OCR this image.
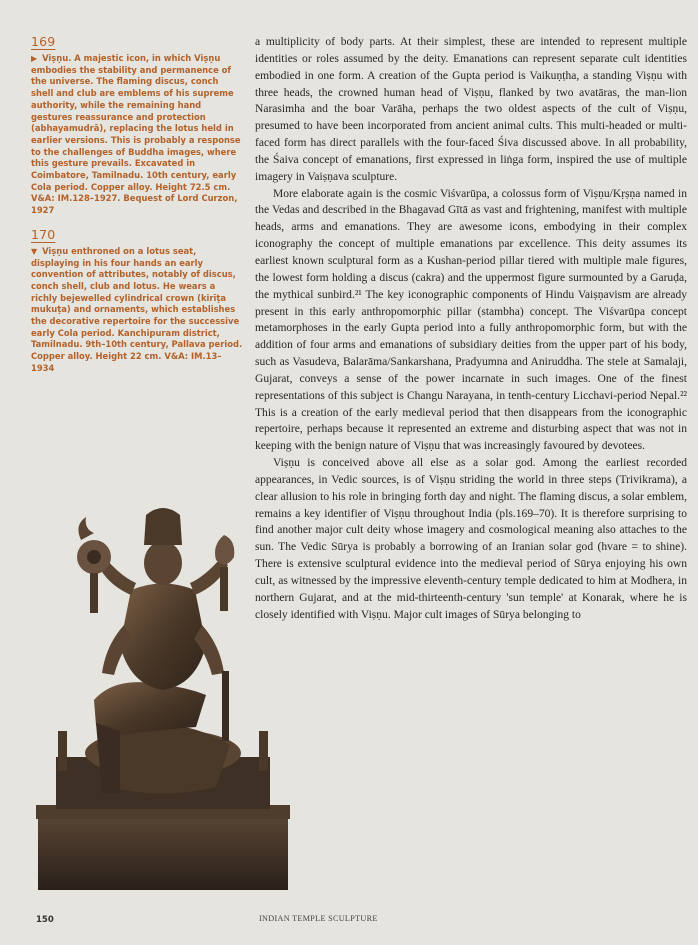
169

▶ Viṣṇu. A majestic icon, in which Viṣṇu embodies the stability and permanence of the universe. The flaming discus, conch shell and club are emblems of his supreme authority, while the remaining hand gestures reassurance and protection (abhayamudrā), replacing the lotus held in earlier versions. This is probably a response to the challenges of Buddha images, where this gesture prevails. Excavated in Coimbatore, Tamilnadu. 10th century, early Cola period. Copper alloy. Height 72.5 cm. V&A: IM.128–1927. Bequest of Lord Curzon, 1927

170

▼ Viṣṇu enthroned on a lotus seat, displaying in his four hands an early convention of attributes, notably of discus, conch shell, club and lotus. He wears a richly bejewelled cylindrical crown (kirīṭa mukuṭa) and ornaments, which establishes the decorative repertoire for the successive early Cola period. Kanchipuram district, Tamilnadu. 9th–10th century, Pallava period. Copper alloy. Height 22 cm. V&A: IM.13–1934

a multiplicity of body parts. At their simplest, these are intended to represent multiple identities or roles assumed by the deity. Emanations can represent separate cult identities embodied in one form. A creation of the Gupta period is Vaikuṇṭha, a standing Viṣṇu with three heads, the crowned human head of Viṣṇu, flanked by two avatāras, the man-lion Narasimha and the boar Varāha, perhaps the two oldest aspects of the cult of Viṣṇu, presumed to have been incorporated from ancient animal cults. This multi-headed or multi-faced form has direct parallels with the four-faced Śiva discussed above. In all probability, the Śaiva concept of emanations, first expressed in liṅga form, inspired the use of multiple imagery in Vaiṣṇava sculpture.

More elaborate again is the cosmic Viśvarūpa, a colossus form of Viṣṇu/Kṛṣṇa named in the Vedas and described in the Bhagavad Gītā as vast and frightening, manifest with multiple heads, arms and emanations. They are awesome icons, embodying in their complex iconography the concept of multiple emanations par excellence. This deity assumes its earliest known sculptural form as a Kushan-period pillar tiered with multiple male figures, the lowest form holding a discus (cakra) and the uppermost figure surmounted by a Garuḍa, the mythical sunbird.²¹ The key iconographic components of Hindu Vaiṣṇavism are already present in this early anthropomorphic pillar (stambha) concept. The Viśvarūpa concept metamorphoses in the early Gupta period into a fully anthropomorphic form, but with the addition of four arms and emanations of subsidiary deities from the upper part of his body, such as Vasudeva, Balarāma/Sankarshana, Pradyumna and Aniruddha. The stele at Samalaji, Gujarat, conveys a sense of the power incarnate in such images. One of the finest representations of this subject is Changu Narayana, in tenth-century Licchavi-period Nepal.²² This is a creation of the early medieval period that then disappears from the iconographic repertoire, perhaps because it represented an extreme and disturbing aspect that was not in keeping with the benign nature of Viṣṇu that was increasingly favoured by devotees.

Viṣṇu is conceived above all else as a solar god. Among the earliest recorded appearances, in Vedic sources, is of Viṣṇu striding the world in three steps (Trivikrama), a clear allusion to his role in bringing forth day and night. The flaming discus, a solar emblem, remains a key identifier of Viṣṇu throughout India (pls.169–70). It is therefore surprising to find another major cult deity whose imagery and cosmological meaning also attaches to the sun. The Vedic Sūrya is probably a borrowing of an Iranian solar god (hvare = to shine). There is extensive sculptural evidence into the medieval period of Sūrya enjoying his own cult, as witnessed by the impressive eleventh-century temple dedicated to him at Modhera, in northern Gujarat, and at the mid-thirteenth-century 'sun temple' at Konarak, where he is closely identified with Viṣṇu. Major cult images of Sūrya belonging to

150	INDIAN TEMPLE SCULPTURE
